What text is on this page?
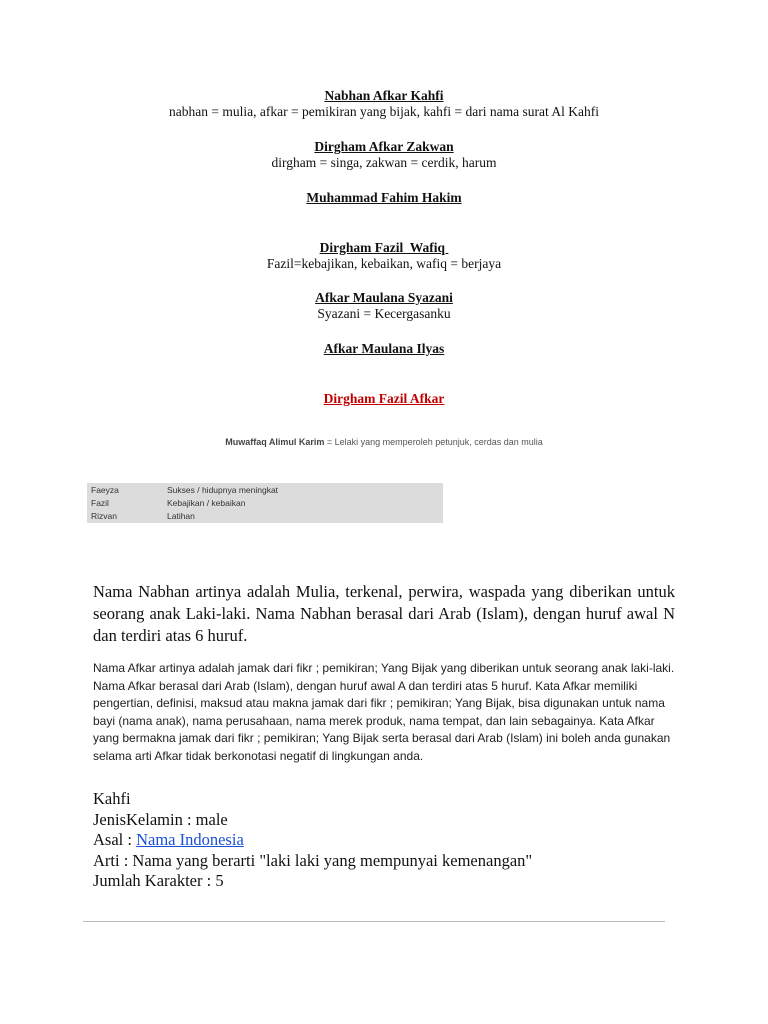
Nabhan Afkar Kahfi
nabhan = mulia, afkar = pemikiran yang bijak, kahfi = dari nama surat Al Kahfi
Dirgham Afkar Zakwan
dirgham = singa, zakwan = cerdik, harum
Muhammad Fahim Hakim
Dirgham Fazil  Wafiq
Fazil=kebajikan, kebaikan, wafiq = berjaya
Afkar Maulana Syazani
Syazani = Kecergasanku
Afkar Maulana Ilyas
Dirgham Fazil Afkar
Muwaffaq Alimul Karim = Lelaki yang memperoleh petunjuk, cerdas dan mulia
Faeyza	Sukses / hidupnya meningkat
Fazil	Kebajikan / kebaikan
Rizvan	Latihan
Nama Nabhan artinya adalah Mulia, terkenal, perwira, waspada yang diberikan untuk seorang anak Laki-laki. Nama Nabhan berasal dari Arab (Islam), dengan huruf awal N dan terdiri atas 6 huruf.
Nama Afkar artinya adalah jamak dari fikr ; pemikiran; Yang Bijak yang diberikan untuk seorang anak laki-laki. Nama Afkar berasal dari Arab (Islam), dengan huruf awal A dan terdiri atas 5 huruf. Kata Afkar memiliki pengertian, definisi, maksud atau makna jamak dari fikr ; pemikiran; Yang Bijak, bisa digunakan untuk nama bayi (nama anak), nama perusahaan, nama merek produk, nama tempat, dan lain sebagainya. Kata Afkar yang bermakna jamak dari fikr ; pemikiran; Yang Bijak serta berasal dari Arab (Islam) ini boleh anda gunakan selama arti Afkar tidak berkonotasi negatif di lingkungan anda.
Kahfi
JenisKelamin : male
Asal : Nama Indonesia
Arti : Nama yang berarti "laki laki yang mempunyai kemenangan"
Jumlah Karakter : 5
